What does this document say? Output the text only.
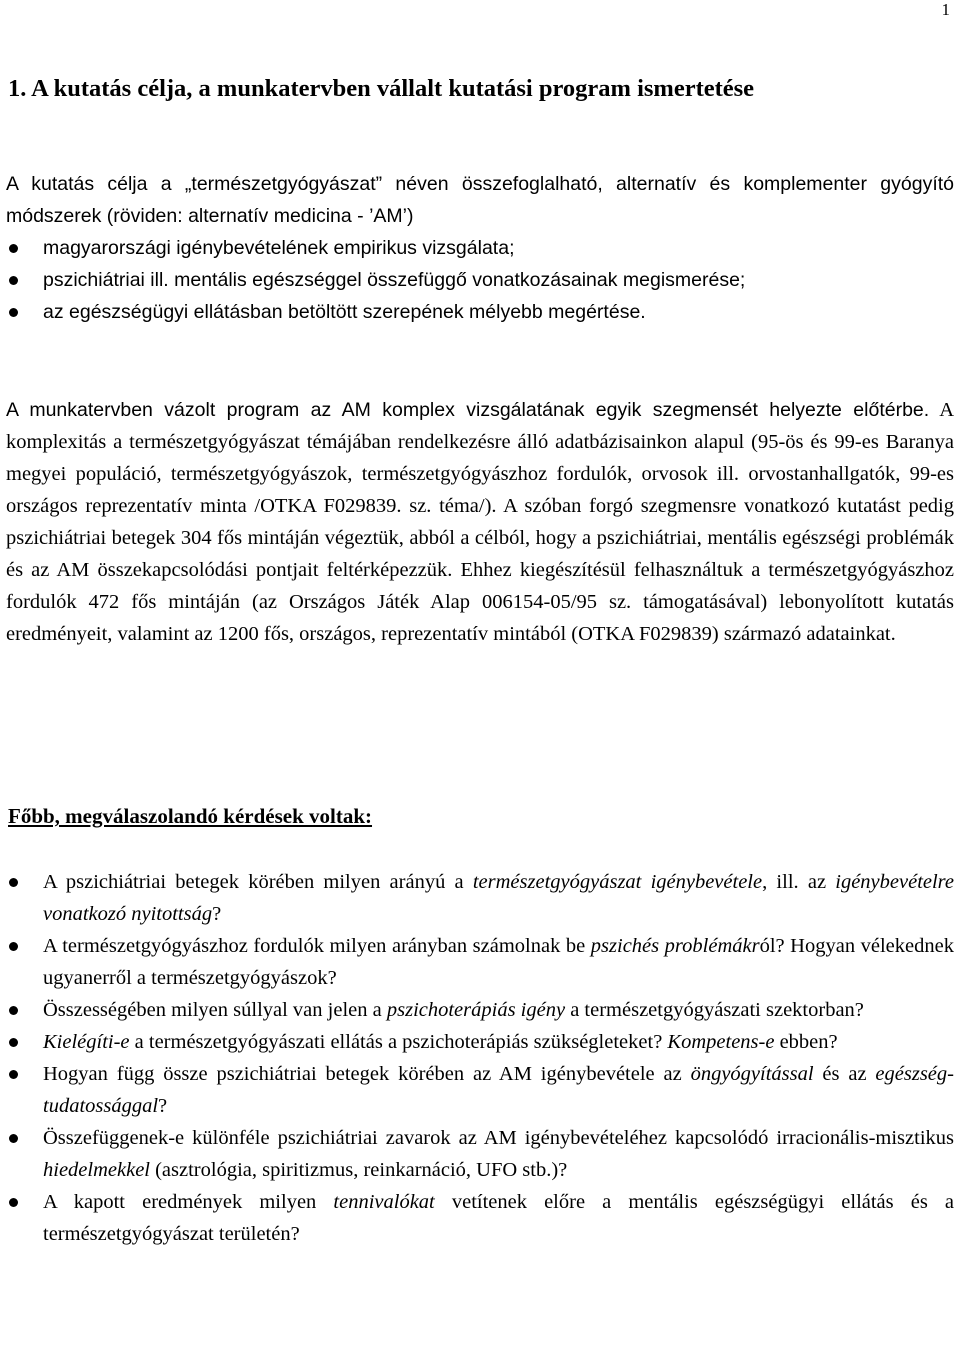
1
1. A kutatás célja, a munkatervben vállalt kutatási program ismertetése
A kutatás célja a „természetgyógyászat” néven összefoglalható, alternatív és komplementer gyógyító módszerek (röviden: alternatív medicina - ’AM’)
magyarországi igénybevételének empirikus vizsgálata;
pszichiátriai ill. mentális egészséggel összefüggő vonatkozásainak megismerése;
az egészségügyi ellátásban betöltött szerepének mélyebb megértése.
A munkatervben vázolt program az AM komplex vizsgálatának egyik szegmensét helyezte előtérbe. A komplexitás a természetgyógyászat témájában rendelkezésre álló adatbázisainkon alapul (95-ös és 99-es Baranya megyei populáció, természetgyógyászok, természetgyógyászhoz fordulók, orvosok ill. orvostanhallgatók, 99-es országos reprezentatív minta /OTKA F029839. sz. téma/). A szóban forgó szegmensre vonatkozó kutatást pedig pszichiátriai betegek 304 fős mintáján végeztük, abból a célból, hogy a pszichiátriai, mentális egészségi problémák és az AM összekapcsolódási pontjait feltérképezzük. Ehhez kiegészítésül felhasználtuk a természetgyógyászhoz fordulók 472 fős mintáján (az Országos Játék Alap 006154-05/95 sz. támogatásával) lebonyolított kutatás eredményeit, valamint az 1200 fős, országos, reprezentatív mintából (OTKA F029839) származó adatainkat.
Főbb, megválaszolandó kérdések voltak:
A pszichiátriai betegek körében milyen arányú a természetgyógyászat igénybevétele, ill. az igénybevételre vonatkozó nyitottság?
A természetgyógyászhoz fordulók milyen arányban számolnak be pszichés problémákról? Hogyan vélekednek ugyanerről a természetgyógyászok?
Összességében milyen súllyal van jelen a pszichoterápiás igény a természetgyógyászati szektorban?
Kielégíti-e a természetgyógyászati ellátás a pszichoterápiás szükségleteket? Kompetens-e ebben?
Hogyan függ össze pszichiátriai betegek körében az AM igénybevétele az öngyógyítással és az egészség-tudatossággal?
Összefüggenek-e különféle pszichiátriai zavarok az AM igénybevételéhez kapcsolódó irracionális-misztikus hiedelmekkel (asztrológia, spiritizmus, reinkarnáció, UFO stb.)?
A kapott eredmények milyen tennivalókat vetítenek előre a mentális egészségügyi ellátás és a természetgyógyászat területén?
